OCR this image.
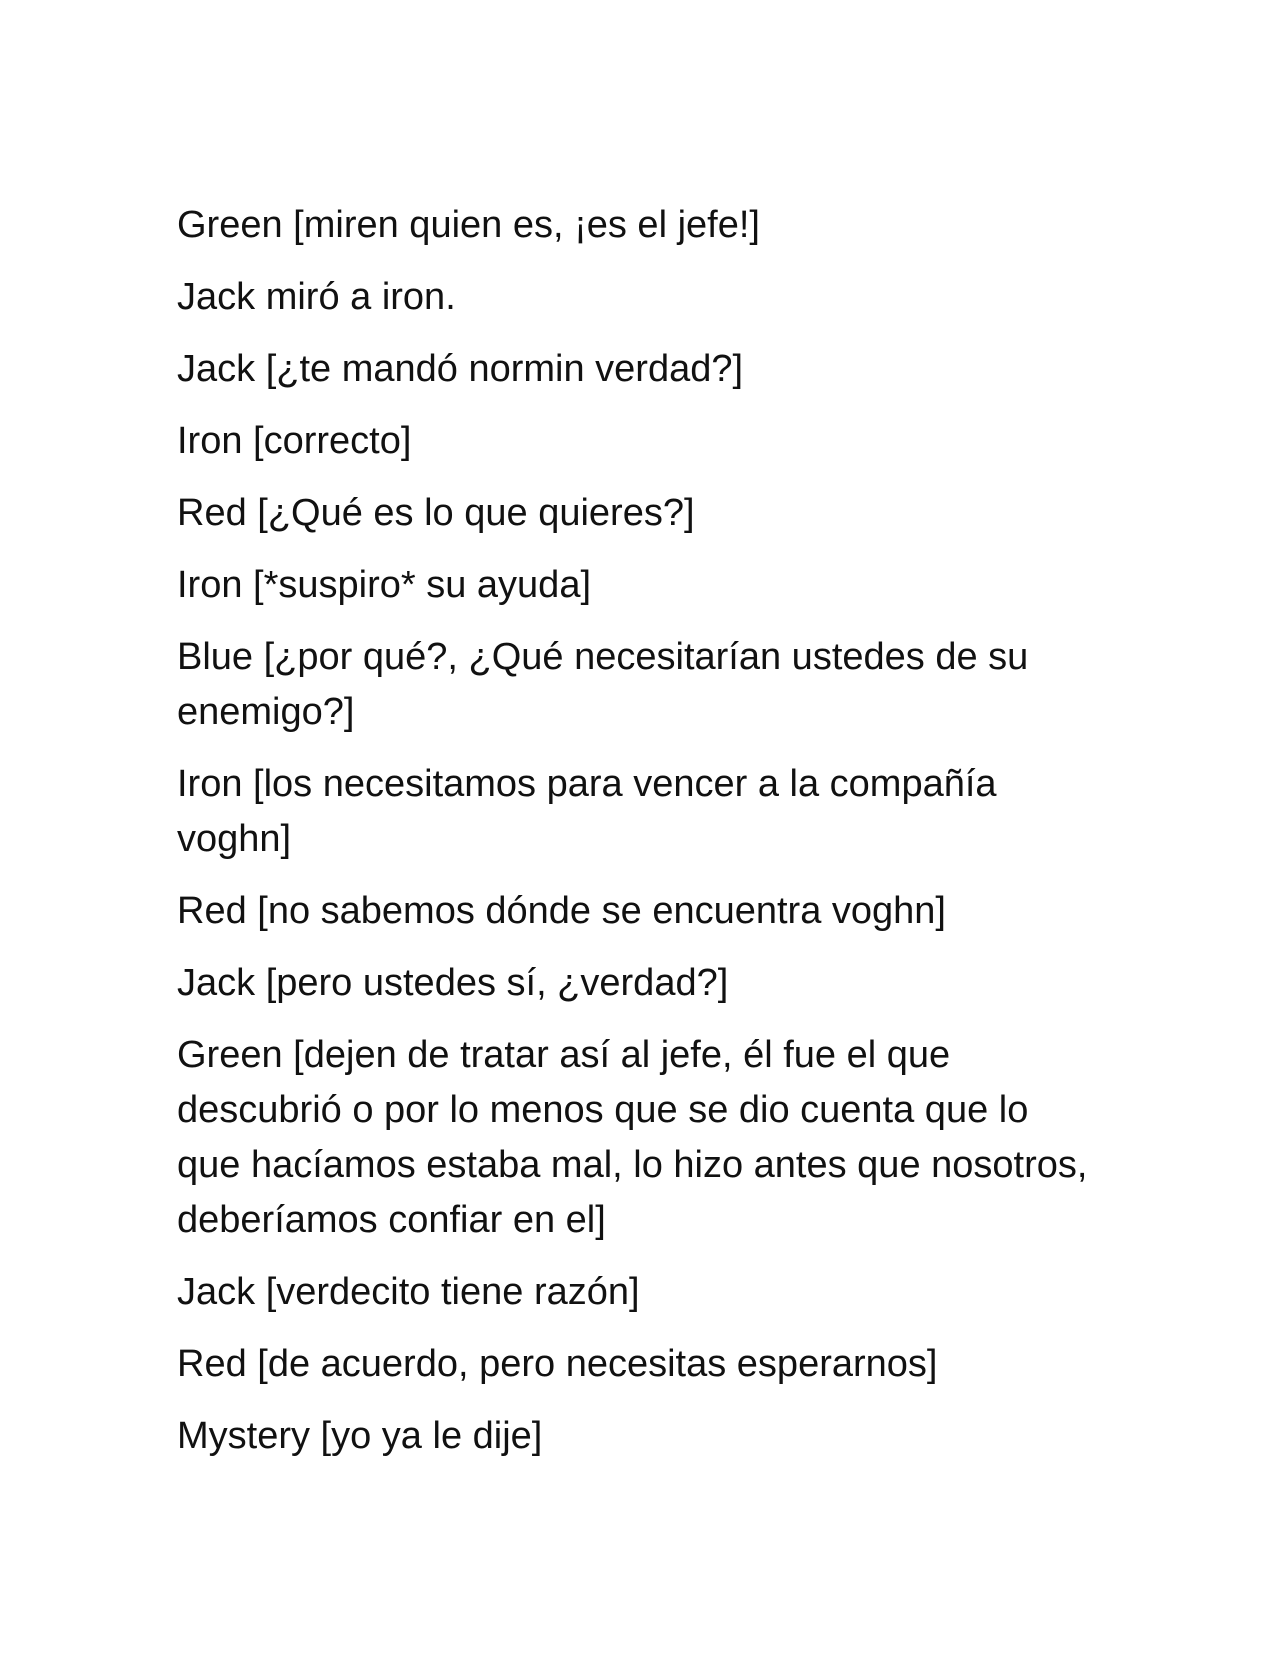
Green [miren quien es, ¡es el jefe!]

Jack miró a iron.

Jack [¿te mandó normin verdad?]

Iron [correcto]

Red [¿Qué es lo que quieres?]

Iron [*suspiro* su ayuda]

Blue [¿por qué?, ¿Qué necesitarían ustedes de su enemigo?]

Iron [los necesitamos para vencer a la compañía voghn]

Red [no sabemos dónde se encuentra voghn]

Jack [pero ustedes sí, ¿verdad?]

Green [dejen de tratar así al jefe, él fue el que descubrió o por lo menos que se dio cuenta que lo que hacíamos estaba mal, lo hizo antes que nosotros, deberíamos confiar en el]

Jack [verdecito tiene razón]

Red [de acuerdo, pero necesitas esperarnos]

Mystery [yo ya le dije]
